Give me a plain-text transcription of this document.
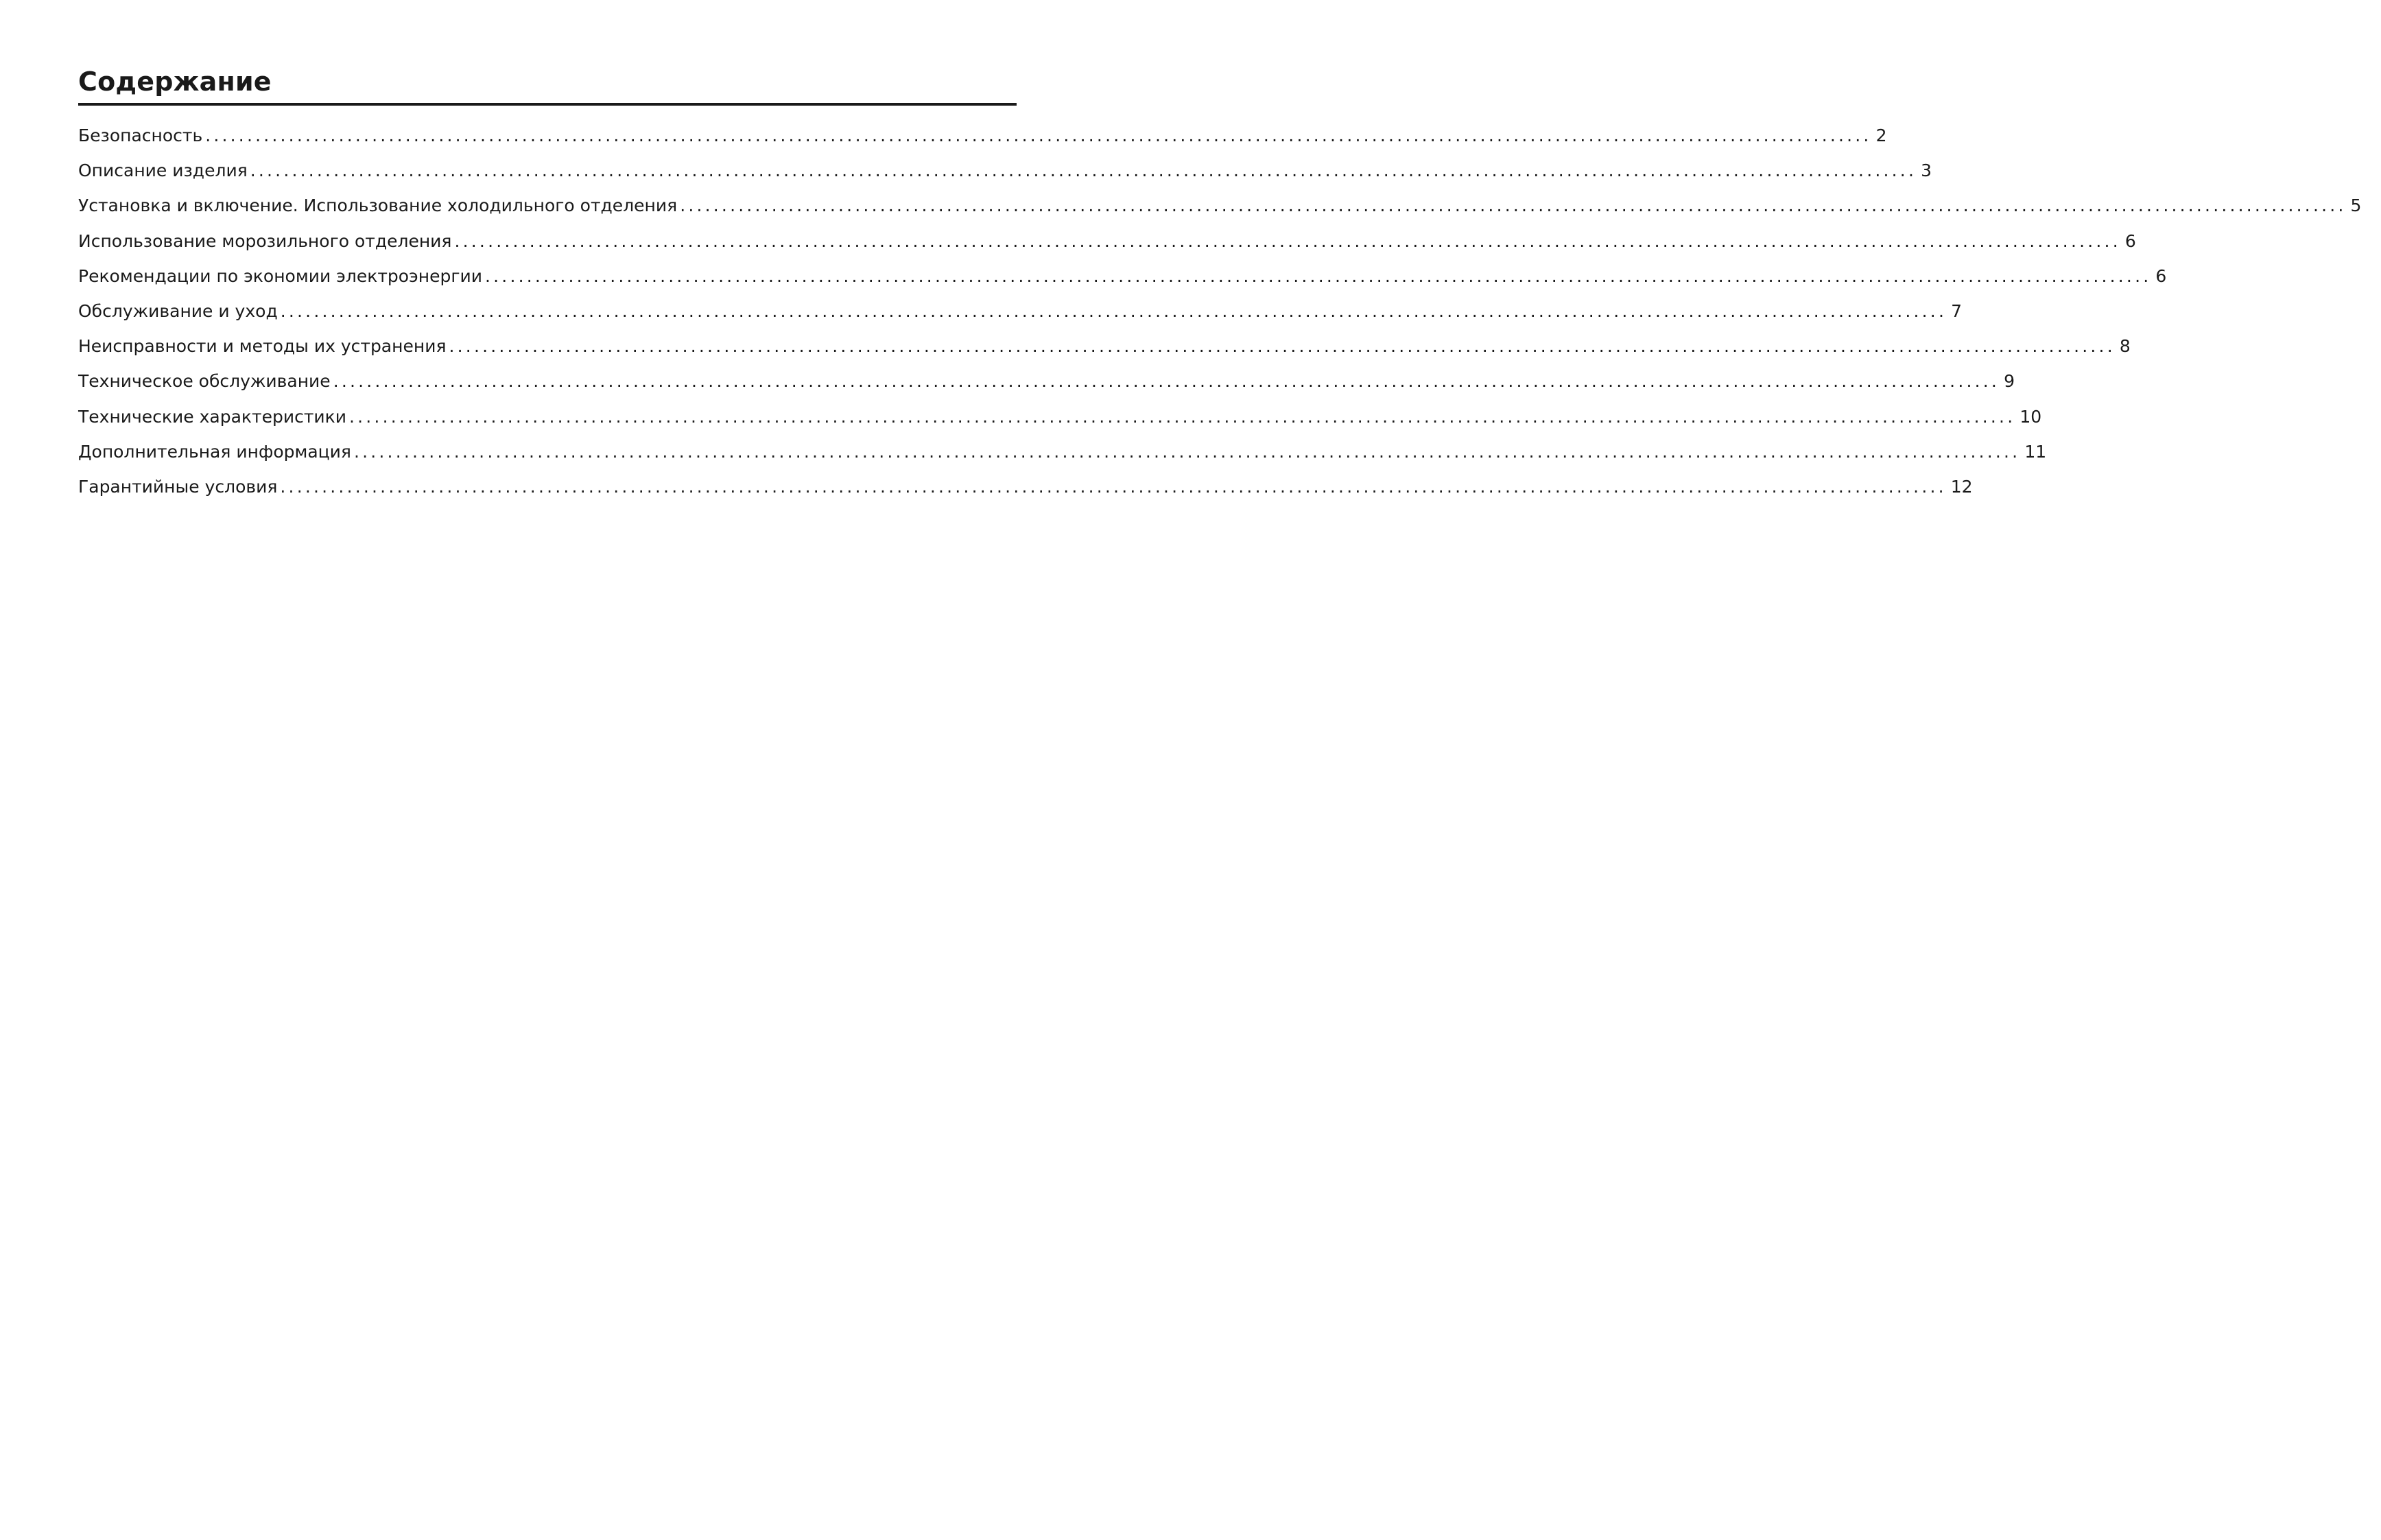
Содержание
Безопасность ........................................................................................................................................................................................................ 2
Описание изделия ........................................................................................................................................................................................................ 3
Установка и включение. Использование холодильного отделения ........................................................................................................................................................................................................ 5
Использование морозильного отделения ........................................................................................................................................................................................................ 6
Рекомендации по экономии электроэнергии ........................................................................................................................................................................................................ 6
Обслуживание и уход ........................................................................................................................................................................................................ 7
Неисправности и методы их устранения ........................................................................................................................................................................................................ 8
Техническое обслуживание ........................................................................................................................................................................................................ 9
Технические характеристики ........................................................................................................................................................................................................ 10
Дополнительная информация ........................................................................................................................................................................................................ 11
Гарантийные условия ........................................................................................................................................................................................................ 12
